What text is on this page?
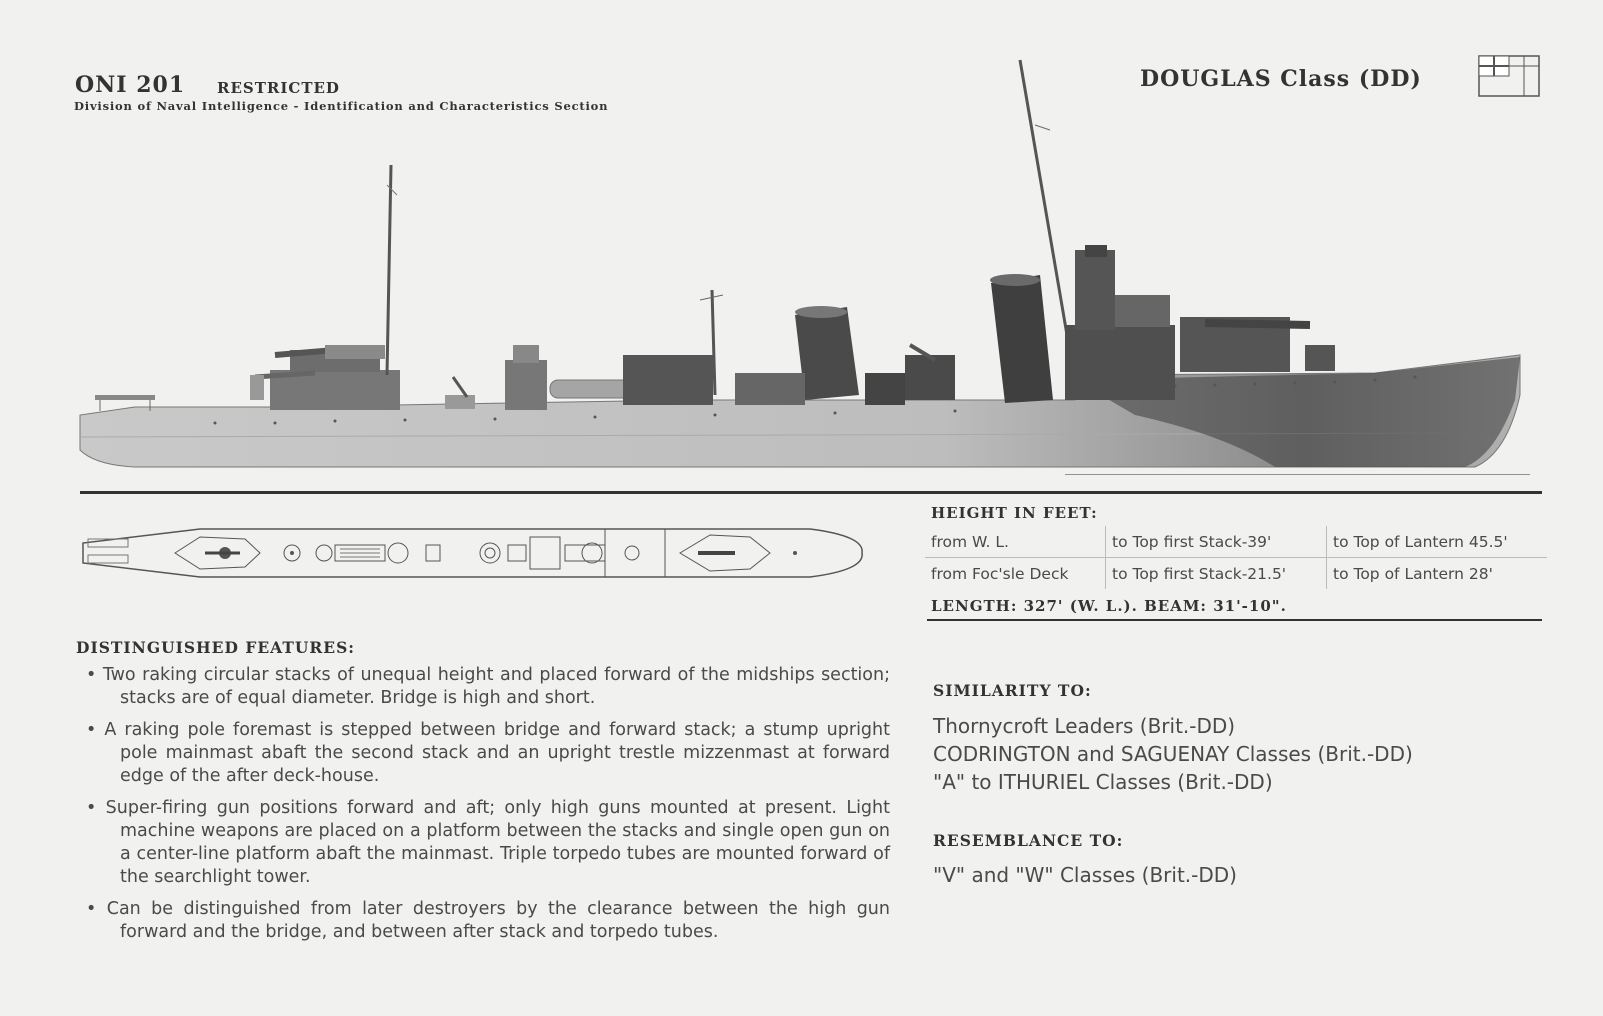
ONI 201 RESTRICTED
Division of Naval Intelligence - Identification and Characteristics Section
DOUGLAS Class (DD)
HEIGHT IN FEET:
from W. L.	to Top first Stack-39'	to Top of Lantern 45.5'
from Foc'sle Deck	to Top first Stack-21.5'	to Top of Lantern 28'
LENGTH: 327' (W. L.). BEAM: 31'-10".
DISTINGUISHED FEATURES:
• Two raking circular stacks of unequal height and placed forward of the midships section; stacks are of equal diameter. Bridge is high and short.
• A raking pole foremast is stepped between bridge and forward stack; a stump upright pole mainmast abaft the second stack and an upright trestle mizzenmast at forward edge of the after deck-house.
• Super-firing gun positions forward and aft; only high guns mounted at present. Light machine weapons are placed on a platform between the stacks and single open gun on a center-line platform abaft the mainmast. Triple torpedo tubes are mounted forward of the searchlight tower.
• Can be distinguished from later destroyers by the clearance between the high gun forward and the bridge, and between after stack and torpedo tubes.
SIMILARITY TO:
Thornycroft Leaders (Brit.-DD)
CODRINGTON and SAGUENAY Classes (Brit.-DD)
"A" to ITHURIEL Classes (Brit.-DD)
RESEMBLANCE TO:
"V" and "W" Classes (Brit.-DD)
